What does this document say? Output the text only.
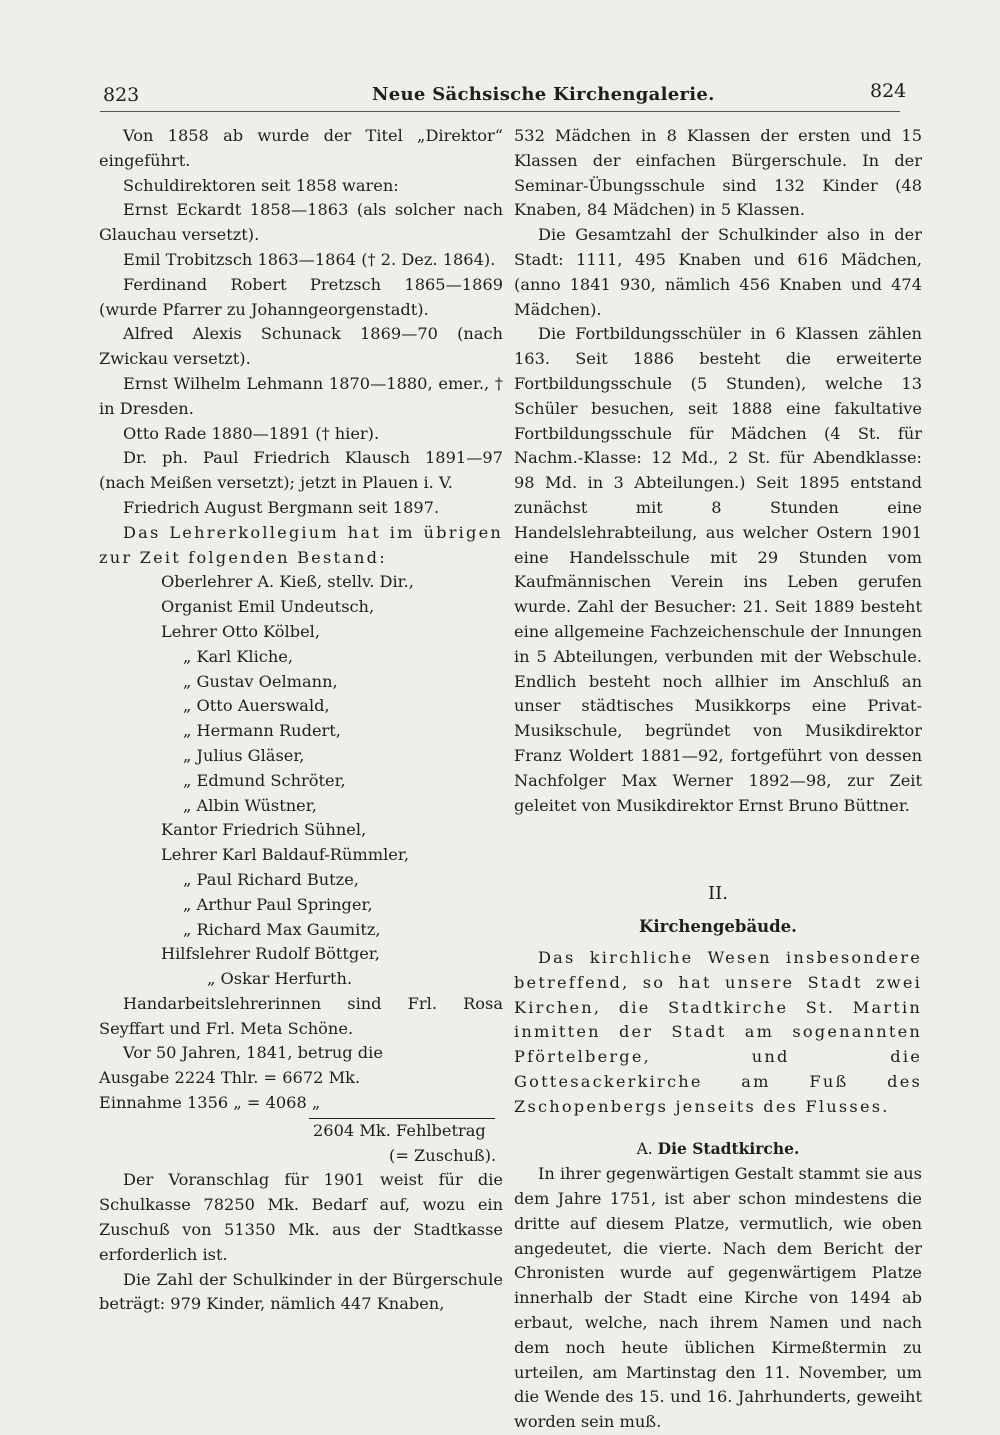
823	Neue Sächsische Kirchengalerie.	824

Von 1858 ab wurde der Titel „Direktor“ eingeführt.

Schuldirektoren seit 1858 waren:

Ernst Eckardt 1858—1863 (als solcher nach Glauchau versetzt).

Emil Trobitzsch 1863—1864 († 2. Dez. 1864).

Ferdinand Robert Pretzsch 1865—1869 (wurde Pfarrer zu Johanngeorgenstadt).

Alfred Alexis Schunack 1869—70 (nach Zwickau versetzt).

Ernst Wilhelm Lehmann 1870—1880, emer., † in Dresden.

Otto Rade 1880—1891 († hier).

Dr. ph. Paul Friedrich Klausch 1891—97 (nach Meißen versetzt); jetzt in Plauen i. V.

Friedrich August Bergmann seit 1897.

Das Lehrerkollegium hat im übrigen zur Zeit folgenden Bestand:

Oberlehrer A. Kieß, stellv. Dir.,
Organist Emil Undeutsch,
Lehrer Otto Kölbel,
„ Karl Kliche,
„ Gustav Oelmann,
„ Otto Auerswald,
„ Hermann Rudert,
„ Julius Gläser,
„ Edmund Schröter,
„ Albin Wüstner,
Kantor Friedrich Sühnel,
Lehrer Karl Baldauf-Rümmler,
„ Paul Richard Butze,
„ Arthur Paul Springer,
„ Richard Max Gaumitz,
Hilfslehrer Rudolf Böttger,
„ Oskar Herfurth.

Handarbeitslehrerinnen sind Frl. Rosa Seyffart und Frl. Meta Schöne.

Vor 50 Jahren, 1841, betrug die
Ausgabe 2224 Thlr. = 6672 Mk.
Einnahme 1356 „ = 4068 „
2604 Mk. Fehlbetrag
(= Zuschuß).

Der Voranschlag für 1901 weist für die Schulkasse 78250 Mk. Bedarf auf, wozu ein Zuschuß von 51350 Mk. aus der Stadtkasse erforderlich ist.

Die Zahl der Schulkinder in der Bürgerschule beträgt: 979 Kinder, nämlich 447 Knaben,

532 Mädchen in 8 Klassen der ersten und 15 Klassen der einfachen Bürgerschule. In der Seminar-Übungsschule sind 132 Kinder (48 Knaben, 84 Mädchen) in 5 Klassen.

Die Gesamtzahl der Schulkinder also in der Stadt: 1111, 495 Knaben und 616 Mädchen, (anno 1841 930, nämlich 456 Knaben und 474 Mädchen).

Die Fortbildungsschüler in 6 Klassen zählen 163. Seit 1886 besteht die erweiterte Fortbildungsschule (5 Stunden), welche 13 Schüler besuchen, seit 1888 eine fakultative Fortbildungsschule für Mädchen (4 St. für Nachm.-Klasse: 12 Md., 2 St. für Abendklasse: 98 Md. in 3 Abteilungen.) Seit 1895 entstand zunächst mit 8 Stunden eine Handelslehrabteilung, aus welcher Ostern 1901 eine Handelsschule mit 29 Stunden vom Kaufmännischen Verein ins Leben gerufen wurde. Zahl der Besucher: 21. Seit 1889 besteht eine allgemeine Fachzeichenschule der Innungen in 5 Abteilungen, verbunden mit der Webschule. Endlich besteht noch allhier im Anschluß an unser städtisches Musikkorps eine Privat-Musikschule, begründet von Musikdirektor Franz Woldert 1881—92, fortgeführt von dessen Nachfolger Max Werner 1892—98, zur Zeit geleitet von Musikdirektor Ernst Bruno Büttner.

II.
Kirchengebäude.

Das kirchliche Wesen insbesondere betreffend, so hat unsere Stadt zwei Kirchen, die Stadtkirche St. Martin inmitten der Stadt am sogenannten Pförtelberge, und die Gottesackerkirche am Fuß des Zschopenbergs jenseits des Flusses.

A. Die Stadtkirche.

In ihrer gegenwärtigen Gestalt stammt sie aus dem Jahre 1751, ist aber schon mindestens die dritte auf diesem Platze, vermutlich, wie oben angedeutet, die vierte. Nach dem Bericht der Chronisten wurde auf gegenwärtigem Platze innerhalb der Stadt eine Kirche von 1494 ab erbaut, welche, nach ihrem Namen und nach dem noch heute üblichen Kirmeßtermin zu urteilen, am Martinstag den 11. November, um die Wende des 15. und 16. Jahrhunderts, geweiht worden sein muß.
